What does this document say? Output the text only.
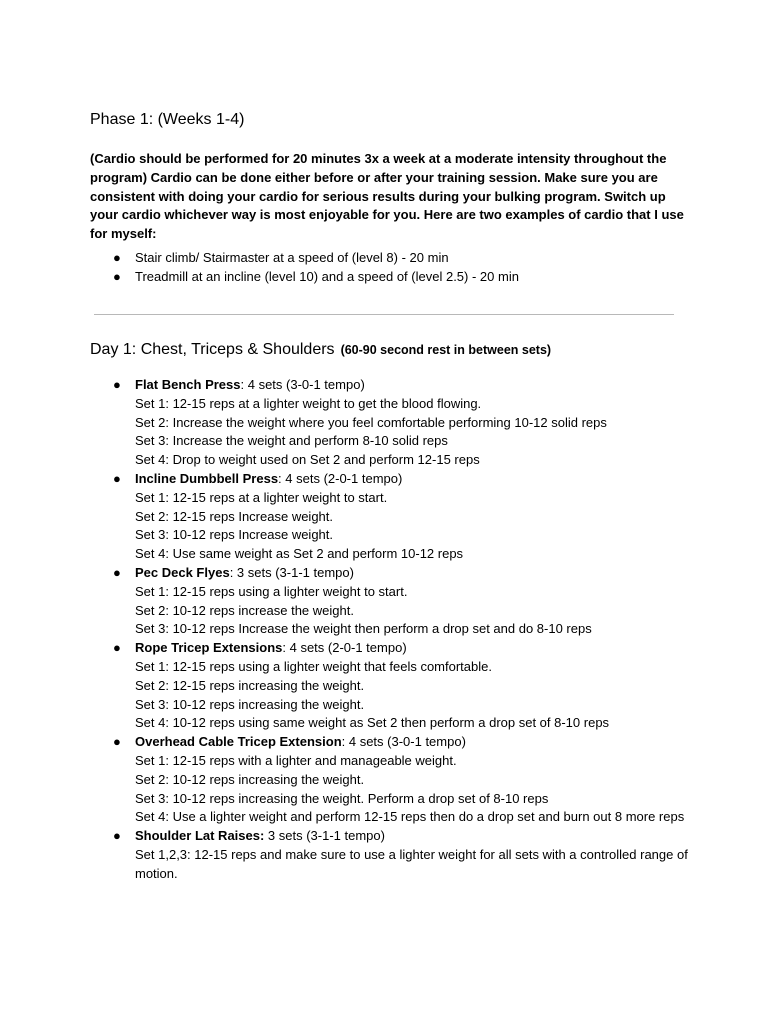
Phase 1: (Weeks 1-4)

(Cardio should be performed for 20 minutes 3x a week at a moderate intensity throughout the program) Cardio can be done either before or after your training session. Make sure you are consistent with doing your cardio for serious results during your bulking program. Switch up your cardio whichever way is most enjoyable for you. Here are two examples of cardio that I use for myself:

● Stair climb/ Stairmaster at a speed of (level 8) - 20 min
● Treadmill at an incline (level 10) and a speed of (level 2.5) - 20 min
Day 1: Chest, Triceps & Shoulders (60-90 second rest in between sets)
● Flat Bench Press: 4 sets (3-0-1 tempo)
Set 1: 12-15 reps at a lighter weight to get the blood flowing.
Set 2: Increase the weight where you feel comfortable performing 10-12 solid reps
Set 3: Increase the weight and perform 8-10 solid reps
Set 4: Drop to weight used on Set 2 and perform 12-15 reps
● Incline Dumbbell Press: 4 sets (2-0-1 tempo)
Set 1: 12-15 reps at a lighter weight to start.
Set 2: 12-15 reps Increase weight.
Set 3: 10-12 reps Increase weight.
Set 4: Use same weight as Set 2 and perform 10-12 reps
● Pec Deck Flyes: 3 sets (3-1-1 tempo)
Set 1: 12-15 reps using a lighter weight to start.
Set 2: 10-12 reps increase the weight.
Set 3: 10-12 reps Increase the weight then perform a drop set and do 8-10 reps
● Rope Tricep Extensions: 4 sets (2-0-1 tempo)
Set 1: 12-15 reps using a lighter weight that feels comfortable.
Set 2: 12-15 reps increasing the weight.
Set 3: 10-12 reps increasing the weight.
Set 4: 10-12 reps using same weight as Set 2 then perform a drop set of 8-10 reps
● Overhead Cable Tricep Extension: 4 sets (3-0-1 tempo)
Set 1: 12-15 reps with a lighter and manageable weight.
Set 2: 10-12 reps increasing the weight.
Set 3: 10-12 reps increasing the weight. Perform a drop set of 8-10 reps
Set 4: Use a lighter weight and perform 12-15 reps then do a drop set and burn out 8 more reps
● Shoulder Lat Raises: 3 sets (3-1-1 tempo)
Set 1,2,3: 12-15 reps and make sure to use a lighter weight for all sets with a controlled range of motion.
